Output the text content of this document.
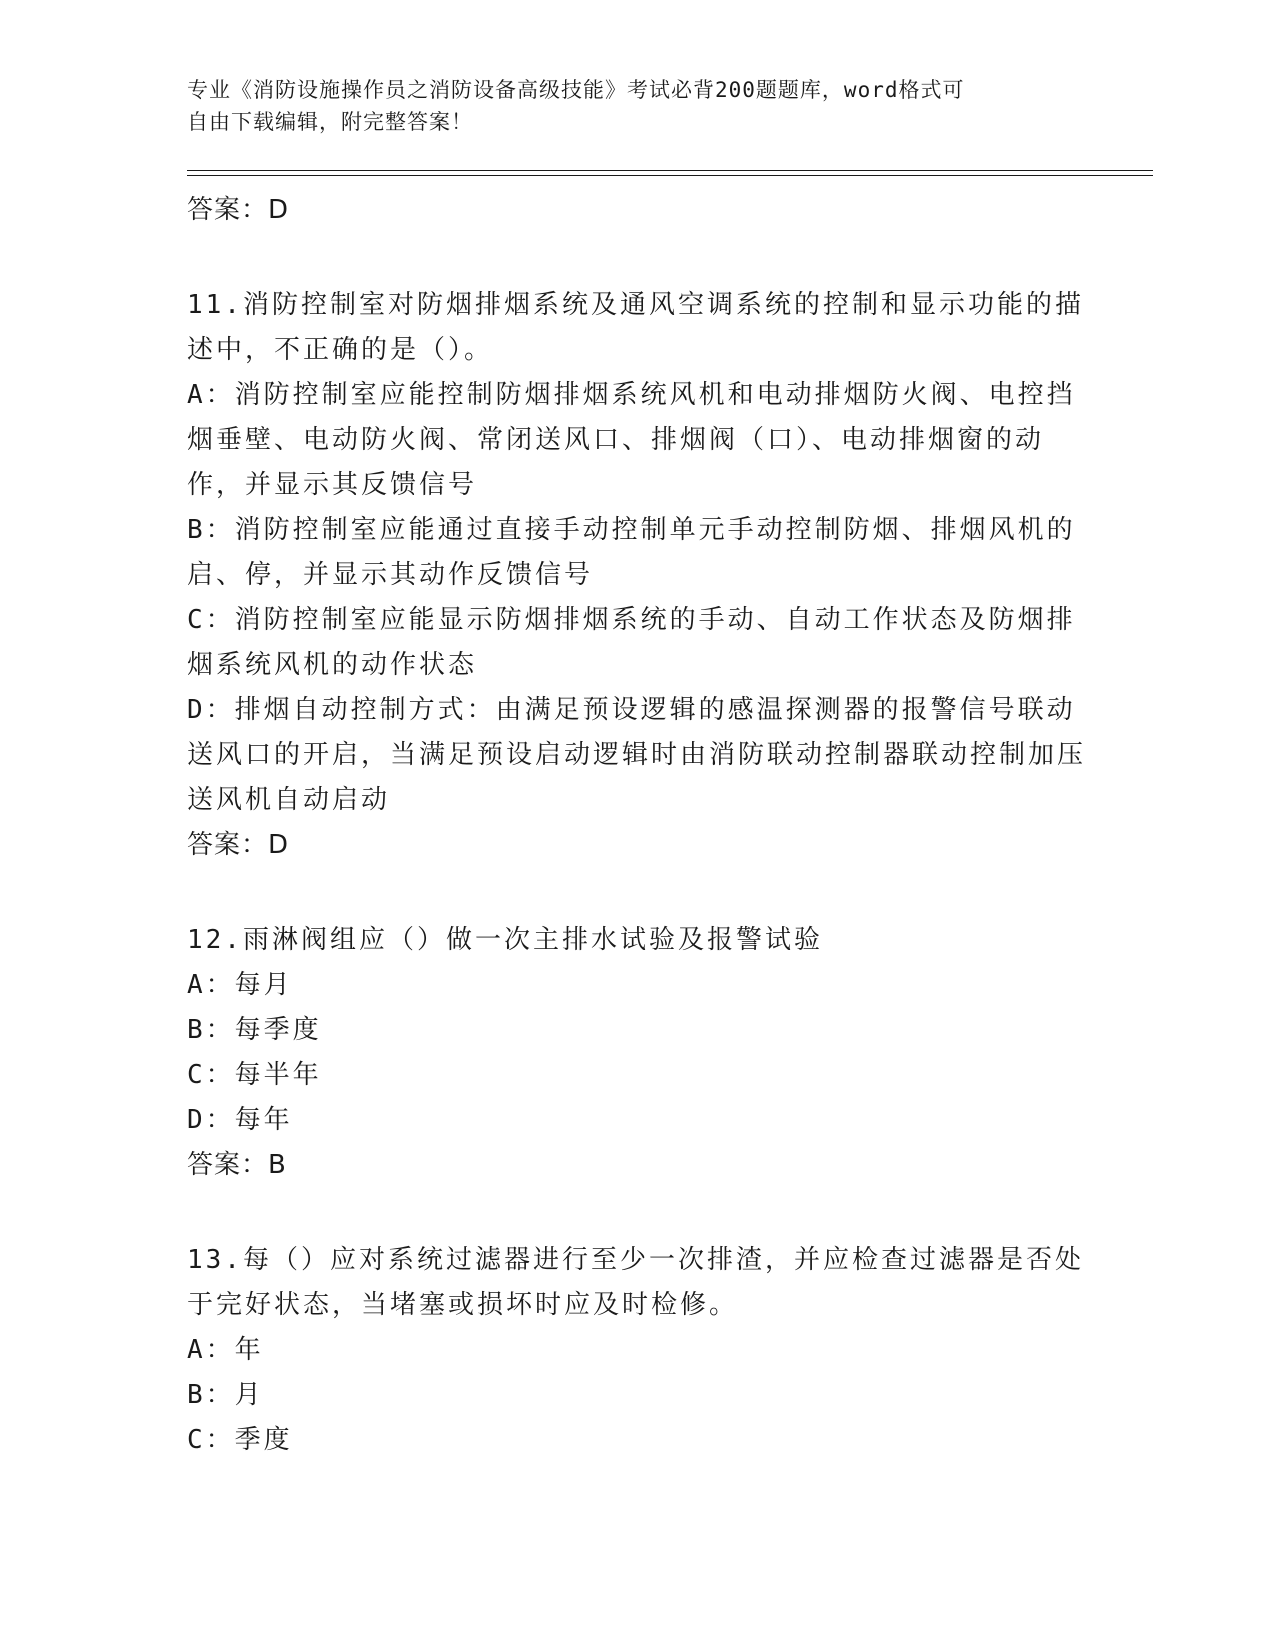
专业《消防设施操作员之消防设备高级技能》考试必背200题题库，word格式可
自由下载编辑，附完整答案！
答案：D

11.消防控制室对防烟排烟系统及通风空调系统的控制和显示功能的描述中，不正确的是（）。

A：消防控制室应能控制防烟排烟系统风机和电动排烟防火阀、电控挡烟垂壁、电动防火阀、常闭送风口、排烟阀（口）、电动排烟窗的动作，并显示其反馈信号

B：消防控制室应能通过直接手动控制单元手动控制防烟、排烟风机的启、停，并显示其动作反馈信号

C：消防控制室应能显示防烟排烟系统的手动、自动工作状态及防烟排烟系统风机的动作状态

D：排烟自动控制方式：由满足预设逻辑的感温探测器的报警信号联动送风口的开启，当满足预设启动逻辑时由消防联动控制器联动控制加压送风机自动启动

答案：D

12.雨淋阀组应（）做一次主排水试验及报警试验

A：每月

B：每季度

C：每半年

D：每年

答案：B

13.每（）应对系统过滤器进行至少一次排渣，并应检查过滤器是否处于完好状态，当堵塞或损坏时应及时检修。

A：年

B：月

C：季度
